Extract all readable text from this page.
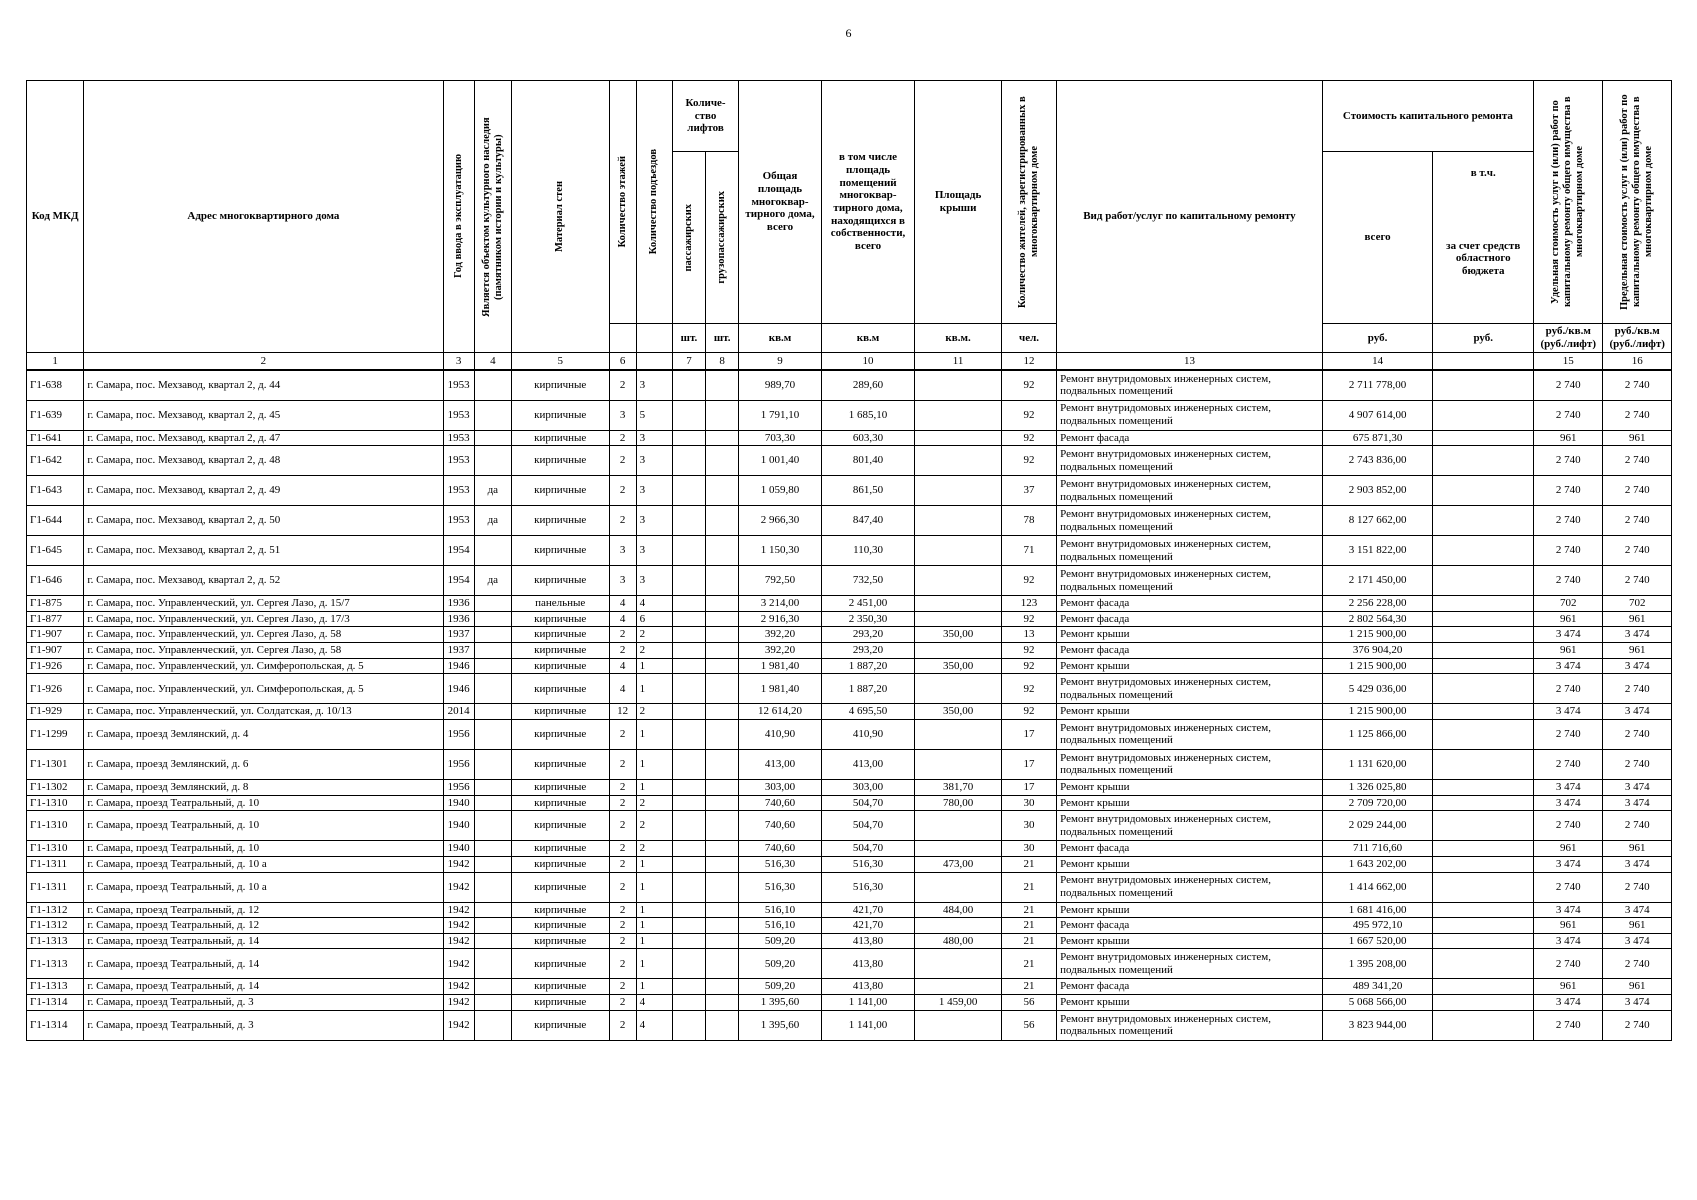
6
Код МКД	Адрес многоквартирного дома	Год ввода в эксплуатацию	Является объектом культурного наследия (памятником истории и культуры)	Материал стен	Количество этажей	Количество подъездов	Количе-ство лифтов		Общая площадь многоквар-тирного дома, всего	в том числе площадь помещений многоквар-тирного дома, находящихся в собственности, всего	Площадь крыши	Количество жителей, зарегистрированных в многоквартирном доме	Вид работ/услуг по капитальному ремонту	Стоимость капитального ремонта		Удельная стоимость услуг и (или) работ по капитальному ремонту общего имущества в многоквартирном доме	Предельная стоимость услуг и (или) работ по капитальному ремонту общего имущества в многоквартирном доме

							пассажирских	грузопассажирских						всего	в т.ч.
за счет средств областного бюджета		

							шт.	шт.	кв.м	кв.м	кв.м.	чел.		руб.	руб.	руб./кв.м (руб./лифт)	руб./кв.м (руб./лифт)
1	2	3	4	5	6		7	8	9	10	11	12	13	14		15	16
Г1-638	г. Самара, пос. Мехзавод, квартал 2, д. 44	1953		кирпичные	2	3			989,70	289,60		92	Ремонт внутридомовых инженерных систем, подвальных помещений	2 711 778,00		2 740	2 740
Г1-639	г. Самара, пос. Мехзавод, квартал 2, д. 45	1953		кирпичные	3	5			1 791,10	1 685,10		92	Ремонт внутридомовых инженерных систем, подвальных помещений	4 907 614,00		2 740	2 740
Г1-641	г. Самара, пос. Мехзавод, квартал 2, д. 47	1953		кирпичные	2	3			703,30	603,30		92	Ремонт фасада	675 871,30		961	961
Г1-642	г. Самара, пос. Мехзавод, квартал 2, д. 48	1953		кирпичные	2	3			1 001,40	801,40		92	Ремонт внутридомовых инженерных систем, подвальных помещений	2 743 836,00		2 740	2 740
Г1-643	г. Самара, пос. Мехзавод, квартал 2, д. 49	1953	да	кирпичные	2	3			1 059,80	861,50		37	Ремонт внутридомовых инженерных систем, подвальных помещений	2 903 852,00		2 740	2 740
Г1-644	г. Самара, пос. Мехзавод, квартал 2, д. 50	1953	да	кирпичные	2	3			2 966,30	847,40		78	Ремонт внутридомовых инженерных систем, подвальных помещений	8 127 662,00		2 740	2 740
Г1-645	г. Самара, пос. Мехзавод, квартал 2, д. 51	1954		кирпичные	3	3			1 150,30	110,30		71	Ремонт внутридомовых инженерных систем, подвальных помещений	3 151 822,00		2 740	2 740
Г1-646	г. Самара, пос. Мехзавод, квартал 2, д. 52	1954	да	кирпичные	3	3			792,50	732,50		92	Ремонт внутридомовых инженерных систем, подвальных помещений	2 171 450,00		2 740	2 740
Г1-875	г. Самара, пос. Управленческий, ул. Сергея Лазо, д. 15/7	1936		панельные	4	4			3 214,00	2 451,00		123	Ремонт фасада	2 256 228,00		702	702
Г1-877	г. Самара, пос. Управленческий, ул. Сергея Лазо, д. 17/3	1936		кирпичные	4	6			2 916,30	2 350,30		92	Ремонт фасада	2 802 564,30		961	961
Г1-907	г. Самара, пос. Управленческий, ул. Сергея Лазо, д. 58	1937		кирпичные	2	2			392,20	293,20	350,00	13	Ремонт крыши	1 215 900,00		3 474	3 474
Г1-907	г. Самара, пос. Управленческий, ул. Сергея Лазо, д. 58	1937		кирпичные	2	2			392,20	293,20		92	Ремонт фасада	376 904,20		961	961
Г1-926	г. Самара, пос. Управленческий, ул. Симферопольская, д. 5	1946		кирпичные	4	1			1 981,40	1 887,20	350,00	92	Ремонт крыши	1 215 900,00		3 474	3 474
Г1-926	г. Самара, пос. Управленческий, ул. Симферопольская, д. 5	1946		кирпичные	4	1			1 981,40	1 887,20		92	Ремонт внутридомовых инженерных систем, подвальных помещений	5 429 036,00		2 740	2 740
Г1-929	г. Самара, пос. Управленческий, ул. Солдатская, д. 10/13	2014		кирпичные	12	2			12 614,20	4 695,50	350,00	92	Ремонт крыши	1 215 900,00		3 474	3 474
Г1-1299	г. Самара, проезд Землянский, д. 4	1956		кирпичные	2	1			410,90	410,90		17	Ремонт внутридомовых инженерных систем, подвальных помещений	1 125 866,00		2 740	2 740
Г1-1301	г. Самара, проезд Землянский, д. 6	1956		кирпичные	2	1			413,00	413,00		17	Ремонт внутридомовых инженерных систем, подвальных помещений	1 131 620,00		2 740	2 740
Г1-1302	г. Самара, проезд Землянский, д. 8	1956		кирпичные	2	1			303,00	303,00	381,70	17	Ремонт крыши	1 326 025,80		3 474	3 474
Г1-1310	г. Самара, проезд Театральный, д. 10	1940		кирпичные	2	2			740,60	504,70	780,00	30	Ремонт крыши	2 709 720,00		3 474	3 474
Г1-1310	г. Самара, проезд Театральный, д. 10	1940		кирпичные	2	2			740,60	504,70		30	Ремонт внутридомовых инженерных систем, подвальных помещений	2 029 244,00		2 740	2 740
Г1-1310	г. Самара, проезд Театральный, д. 10	1940		кирпичные	2	2			740,60	504,70		30	Ремонт фасада	711 716,60		961	961
Г1-1311	г. Самара, проезд Театральный, д. 10 а	1942		кирпичные	2	1			516,30	516,30	473,00	21	Ремонт крыши	1 643 202,00		3 474	3 474
Г1-1311	г. Самара, проезд Театральный, д. 10 а	1942		кирпичные	2	1			516,30	516,30		21	Ремонт внутридомовых инженерных систем, подвальных помещений	1 414 662,00		2 740	2 740
Г1-1312	г. Самара, проезд Театральный, д. 12	1942		кирпичные	2	1			516,10	421,70	484,00	21	Ремонт крыши	1 681 416,00		3 474	3 474
Г1-1312	г. Самара, проезд Театральный, д. 12	1942		кирпичные	2	1			516,10	421,70		21	Ремонт фасада	495 972,10		961	961
Г1-1313	г. Самара, проезд Театральный, д. 14	1942		кирпичные	2	1			509,20	413,80	480,00	21	Ремонт крыши	1 667 520,00		3 474	3 474
Г1-1313	г. Самара, проезд Театральный, д. 14	1942		кирпичные	2	1			509,20	413,80		21	Ремонт внутридомовых инженерных систем, подвальных помещений	1 395 208,00		2 740	2 740
Г1-1313	г. Самара, проезд Театральный, д. 14	1942		кирпичные	2	1			509,20	413,80		21	Ремонт фасада	489 341,20		961	961
Г1-1314	г. Самара, проезд Театральный, д. 3	1942		кирпичные	2	4			1 395,60	1 141,00	1 459,00	56	Ремонт крыши	5 068 566,00		3 474	3 474
Г1-1314	г. Самара, проезд Театральный, д. 3	1942		кирпичные	2	4			1 395,60	1 141,00		56	Ремонт внутридомовых инженерных систем, подвальных помещений	3 823 944,00		2 740	2 740
